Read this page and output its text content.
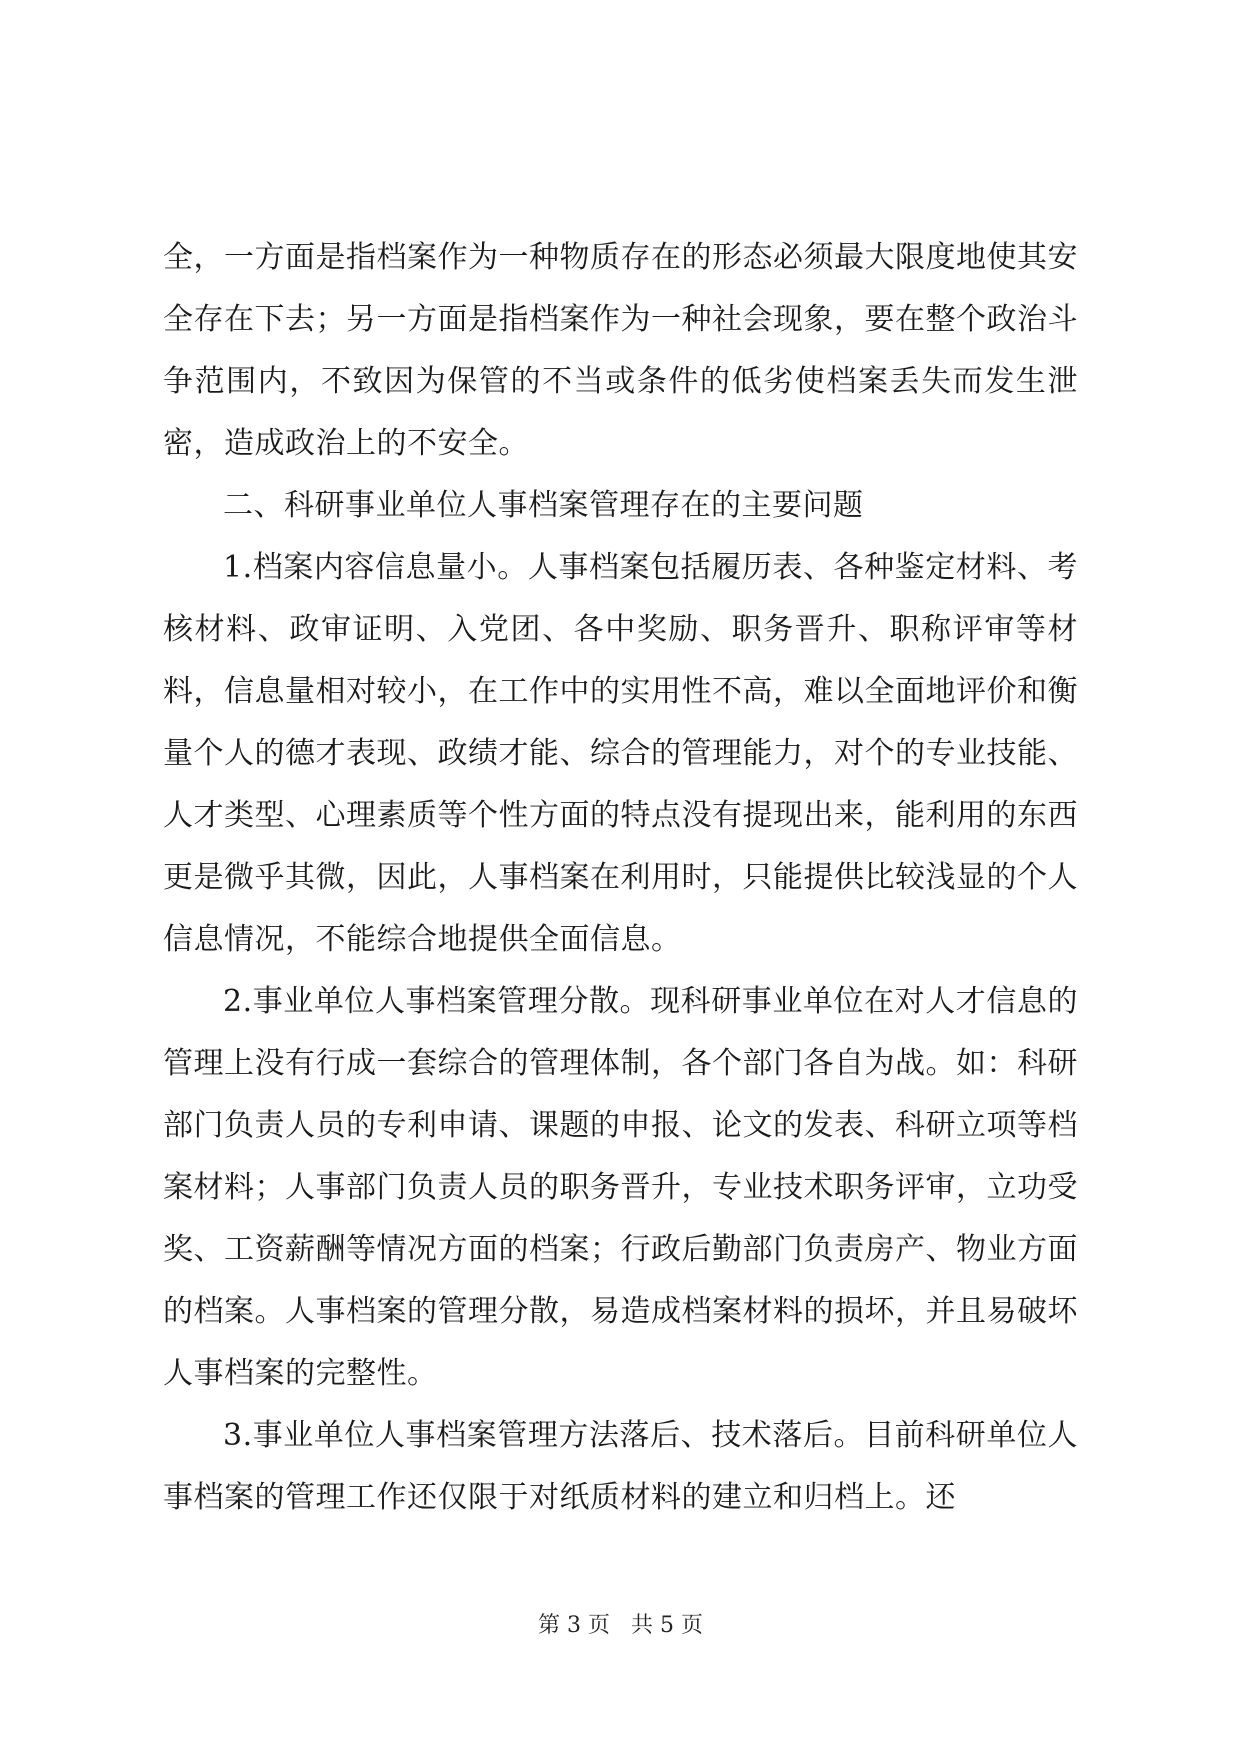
全，一方面是指档案作为一种物质存在的形态必须最大限度地使其安全存在下去；另一方面是指档案作为一种社会现象，要在整个政治斗争范围内，不致因为保管的不当或条件的低劣使档案丢失而发生泄密，造成政治上的不安全。

二、科研事业单位人事档案管理存在的主要问题

1.档案内容信息量小。人事档案包括履历表、各种鉴定材料、考核材料、政审证明、入党团、各中奖励、职务晋升、职称评审等材料，信息量相对较小，在工作中的实用性不高，难以全面地评价和衡量个人的德才表现、政绩才能、综合的管理能力，对个的专业技能、人才类型、心理素质等个性方面的特点没有提现出来，能利用的东西更是微乎其微，因此，人事档案在利用时，只能提供比较浅显的个人信息情况，不能综合地提供全面信息。

2.事业单位人事档案管理分散。现科研事业单位在对人才信息的管理上没有行成一套综合的管理体制，各个部门各自为战。如：科研部门负责人员的专利申请、课题的申报、论文的发表、科研立项等档案材料；人事部门负责人员的职务晋升，专业技术职务评审，立功受奖、工资薪酬等情况方面的档案；行政后勤部门负责房产、物业方面的档案。人事档案的管理分散，易造成档案材料的损坏，并且易破坏人事档案的完整性。

3.事业单位人事档案管理方法落后、技术落后。目前科研单位人事档案的管理工作还仅限于对纸质材料的建立和归档上。还

第 3 页   共 5 页
